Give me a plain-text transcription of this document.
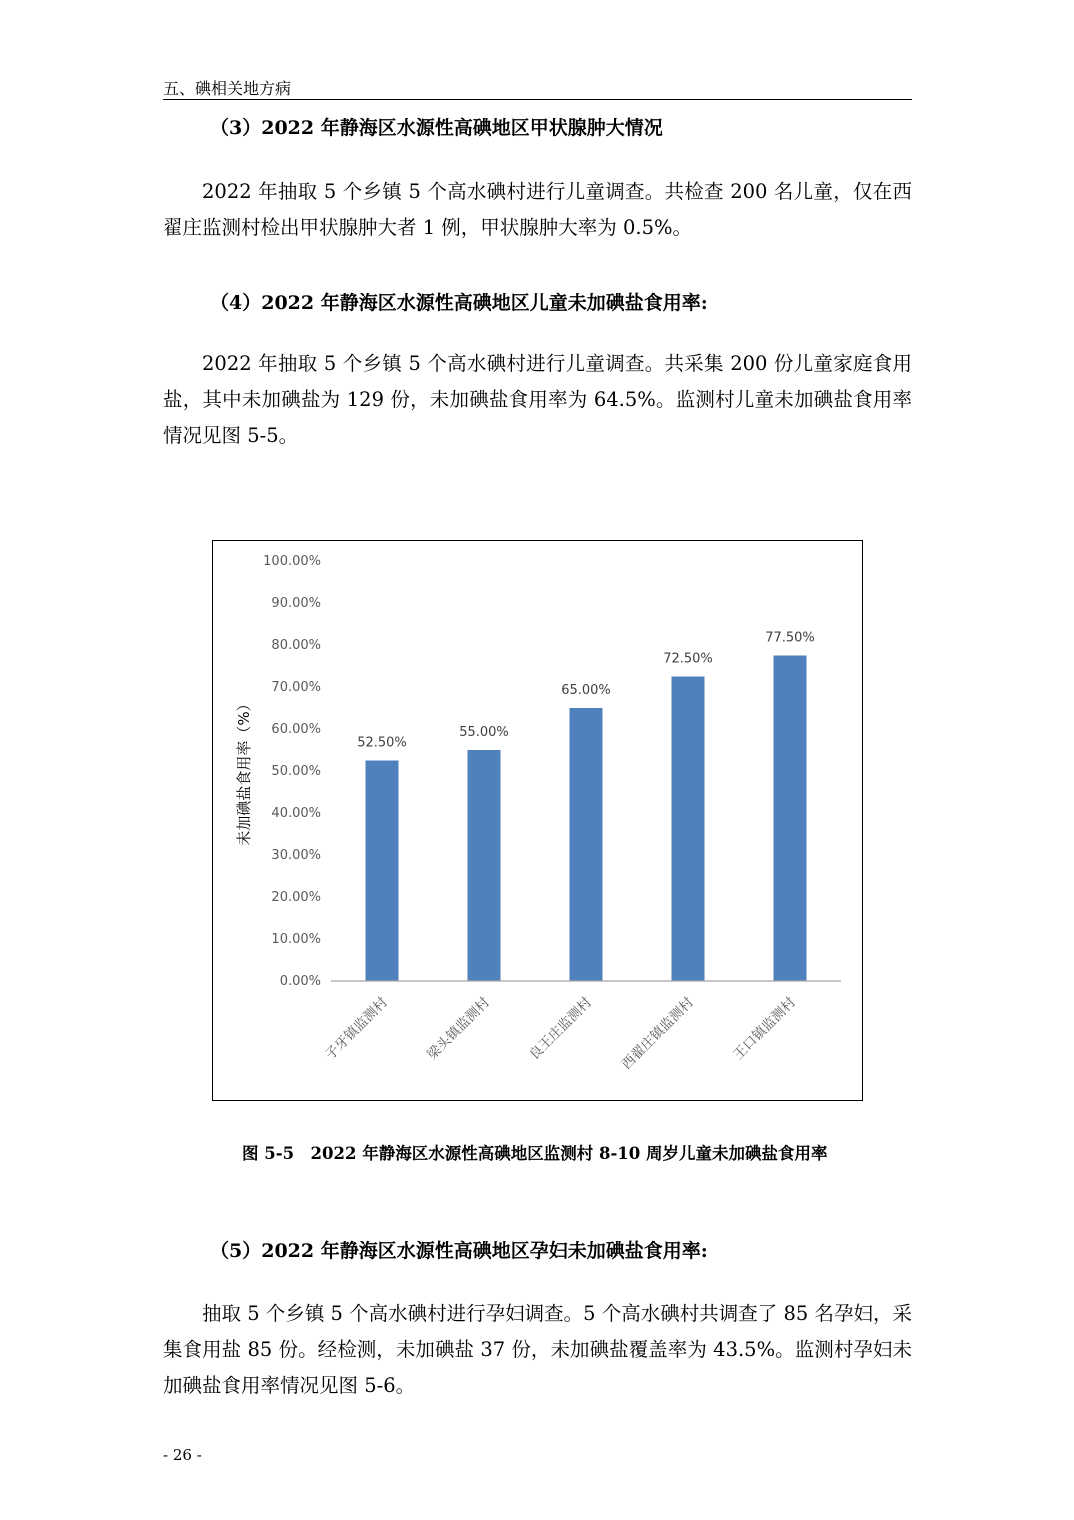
五、碘相关地方病
（3）2022 年静海区水源性高碘地区甲状腺肿大情况
2022 年抽取 5 个乡镇 5 个高水碘村进行儿童调查。共检查 200 名儿童，仅在西翟庄监测村检出甲状腺肿大者 1 例，甲状腺肿大率为 0.5%。
（4）2022 年静海区水源性高碘地区儿童未加碘盐食用率:
2022 年抽取 5 个乡镇 5 个高水碘村进行儿童调查。共采集 200 份儿童家庭食用盐，其中未加碘盐为 129 份，未加碘盐食用率为 64.5%。监测村儿童未加碘盐食用率情况见图 5-5。
0.00%
10.00%
20.00%
30.00%
40.00%
50.00%
60.00%
70.00%
80.00%
90.00%
100.00%
未加碘盐食用率（%）	52.50%
子牙镇监测村
55.00%
梁头镇监测村
65.00%
良王庄监测村
72.50%
西翟庄镇监测村
77.50%
王口镇监测村
图 5-5　2022 年静海区水源性高碘地区监测村 8-10 周岁儿童未加碘盐食用率
（5）2022 年静海区水源性高碘地区孕妇未加碘盐食用率:
抽取 5 个乡镇 5 个高水碘村进行孕妇调查。5 个高水碘村共调查了 85 名孕妇，采集食用盐 85 份。经检测，未加碘盐 37 份，未加碘盐覆盖率为 43.5%。监测村孕妇未加碘盐食用率情况见图 5-6。
- 26 -
